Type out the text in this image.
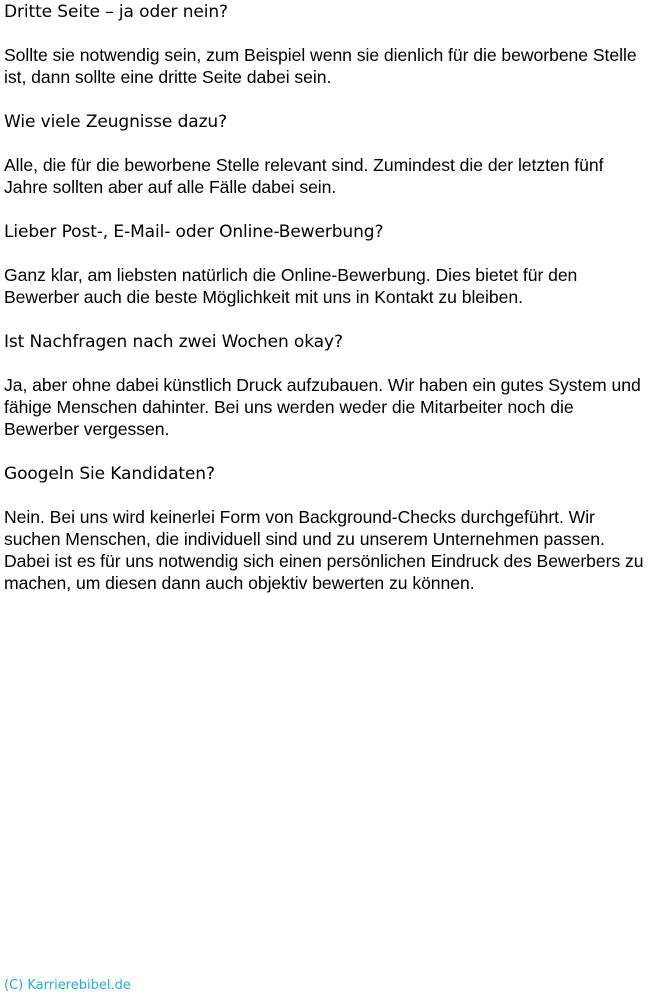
Dritte Seite – ja oder nein?

Sollte sie notwendig sein, zum Beispiel wenn sie dienlich für die beworbene Stelle ist, dann sollte eine dritte Seite dabei sein.

Wie viele Zeugnisse dazu?

Alle, die für die beworbene Stelle relevant sind. Zumindest die der letzten fünf Jahre sollten aber auf alle Fälle dabei sein.

Lieber Post-, E-Mail- oder Online-Bewerbung?

Ganz klar, am liebsten natürlich die Online-Bewerbung. Dies bietet für den Bewerber auch die beste Möglichkeit mit uns in Kontakt zu bleiben.

Ist Nachfragen nach zwei Wochen okay?

Ja, aber ohne dabei künstlich Druck aufzubauen. Wir haben ein gutes System und fähige Menschen dahinter. Bei uns werden weder die Mitarbeiter noch die Bewerber vergessen.

Googeln Sie Kandidaten?

Nein. Bei uns wird keinerlei Form von Background-Checks durchgeführt. Wir suchen Menschen, die individuell sind und zu unserem Unternehmen passen. Dabei ist es für uns notwendig sich einen persönlichen Eindruck des Bewerbers zu machen, um diesen dann auch objektiv bewerten zu können.

(C) Karrierebibel.de
